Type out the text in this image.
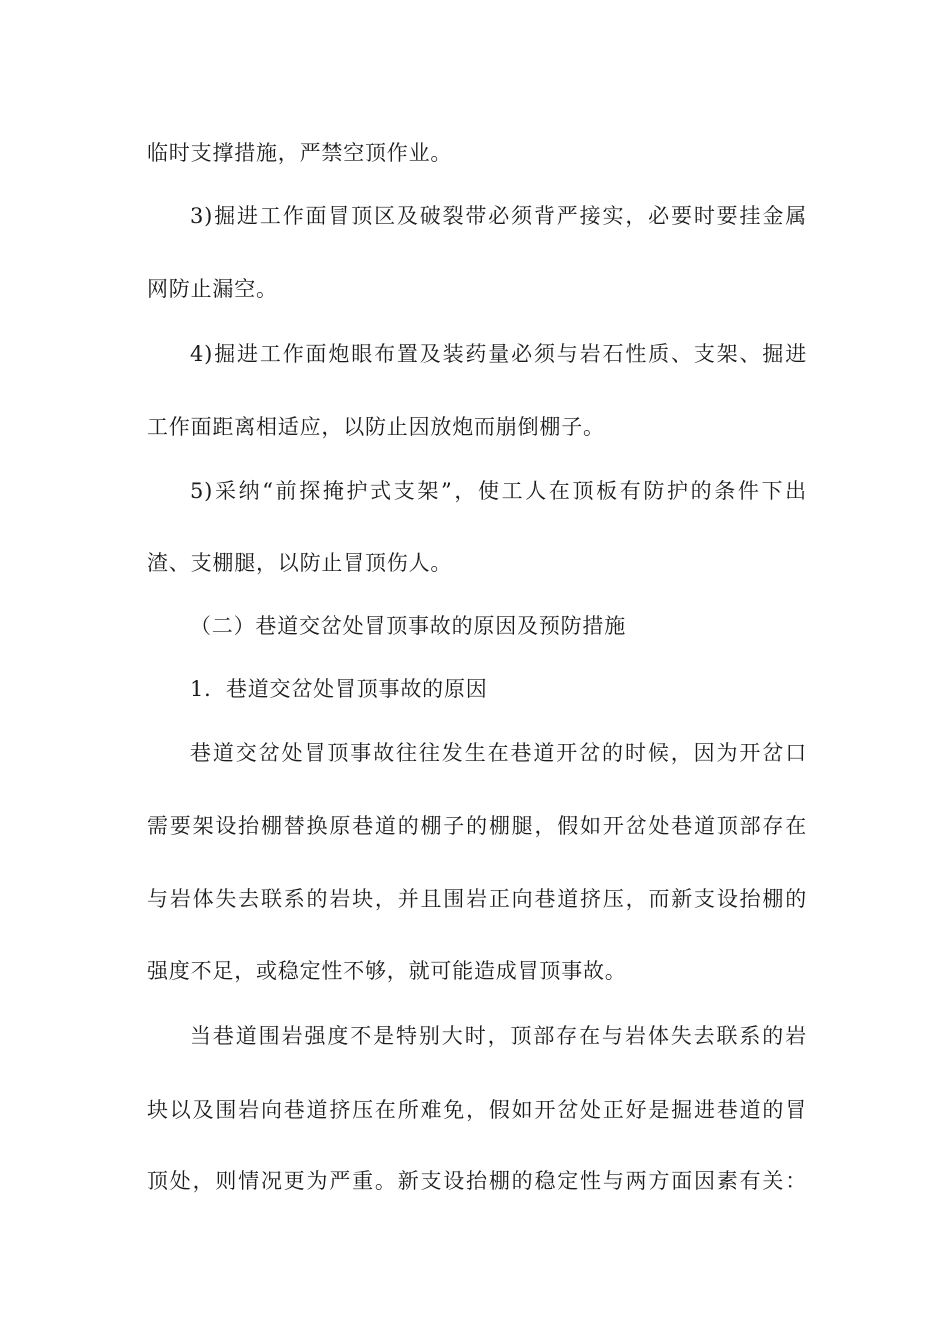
临时支撑措施，严禁空顶作业。
3)掘进工作面冒顶区及破裂带必须背严接实，必要时要挂金属
网防止漏空。
4)掘进工作面炮眼布置及装药量必须与岩石性质、支架、掘进
工作面距离相适应，以防止因放炮而崩倒棚子。
5)采纳“前探掩护式支架”，使工人在顶板有防护的条件下出
渣、支棚腿，以防止冒顶伤人。
（二）巷道交岔处冒顶事故的原因及预防措施
1．巷道交岔处冒顶事故的原因
巷道交岔处冒顶事故往往发生在巷道开岔的时候，因为开岔口
需要架设抬棚替换原巷道的棚子的棚腿，假如开岔处巷道顶部存在
与岩体失去联系的岩块，并且围岩正向巷道挤压，而新支设抬棚的
强度不足，或稳定性不够，就可能造成冒顶事故。
当巷道围岩强度不是特别大时，顶部存在与岩体失去联系的岩
块以及围岩向巷道挤压在所难免，假如开岔处正好是掘进巷道的冒
顶处，则情况更为严重。新支设抬棚的稳定性与两方面因素有关：
